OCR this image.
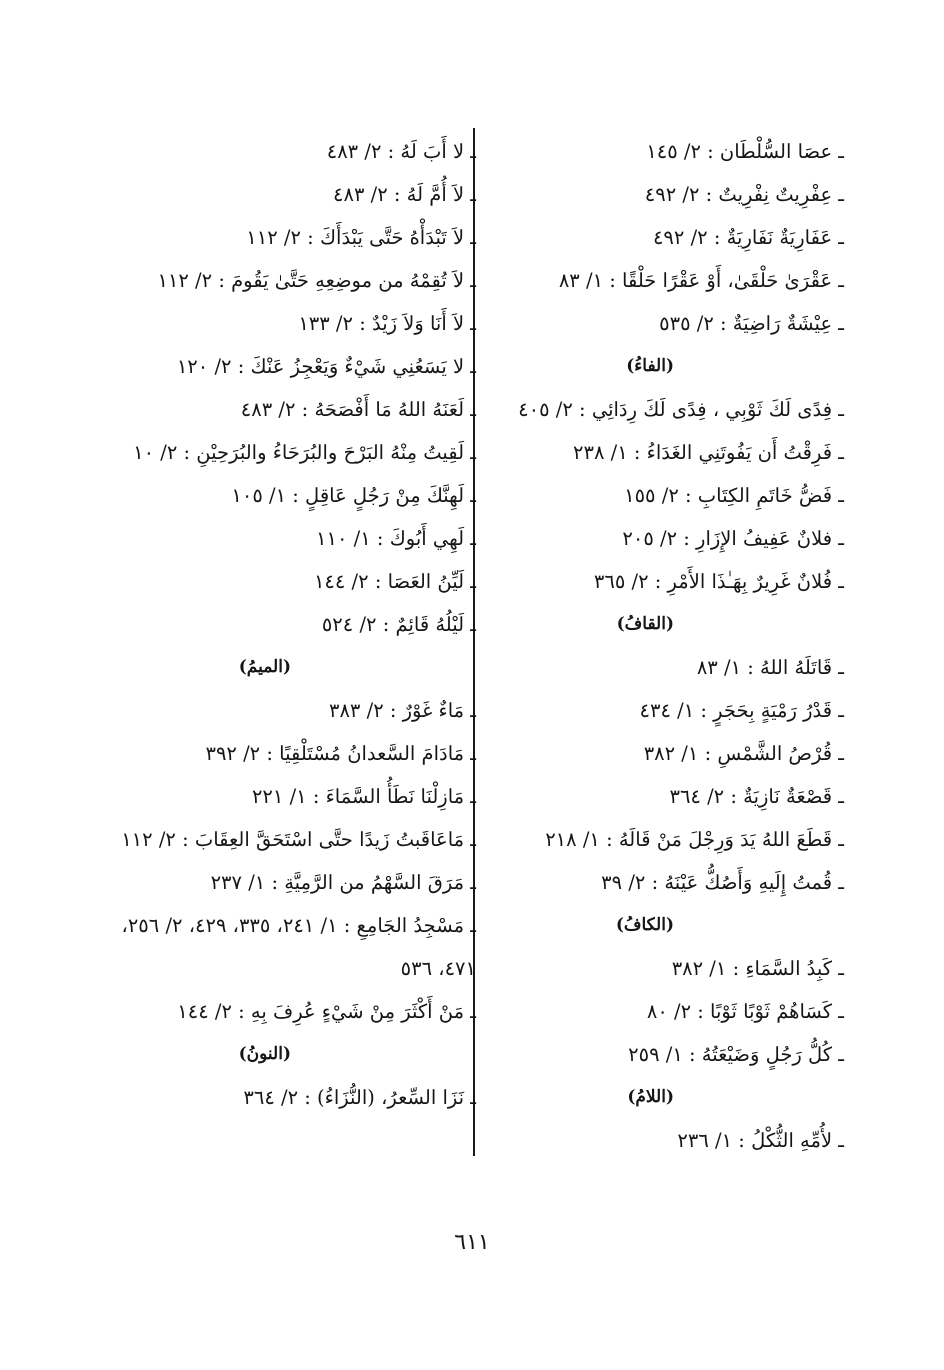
ـ عصَا السُّلْطَان : ٢/ ١٤٥
ـ عِفْرِيتٌ نِفْرِيتٌ : ٢/ ٤٩٢
ـ عَفَارِيَةٌ نَفَارِيَةٌ : ٢/ ٤٩٢
ـ عَقْرَىٰ حَلْقَىٰ، أَوْ عَقْرًا حَلْقًا : ١/ ٨٣
ـ عِيْشَةٌ رَاضِيَةٌ : ٢/ ٥٣٥
(الفاءُ)
ـ فِدًى لَكَ ثَوْبِي ، فِدًى لَكَ رِدَائِي : ٢/ ٤٠٥
ـ فَرِقْتُ أَن يَفُوتَنِي الغَدَاءُ : ١/ ٢٣٨
ـ فَضُّ خَاتَمِ الكِتَابِ : ٢/ ١٥٥
ـ فلانٌ عَفِيفُ الإِزَارِ : ٢/ ٢٠٥
ـ فُلانٌ غَرِيرٌ بِهَـٰذَا الأَمْرِ : ٢/ ٣٦٥
(القافُ)
ـ قَاتَلَهُ اللهُ : ١/ ٨٣
ـ قَدْرُ رَمْيَةٍ بِحَجَرٍ : ١/ ٤٣٤
ـ قُرْصُ الشَّمْسِ : ١/ ٣٨٢
ـ قَصْعَةٌ نَازِيَةٌ : ٢/ ٣٦٤
ـ قَطَعَ اللهُ يَدَ وَرِجْلَ مَنْ قَالَهُ : ١/ ٢١٨
ـ قُمتُ إِلَيهِ وَأَصُكُّ عَيْنَهُ : ٢/ ٣٩
(الكافُ)
ـ كَبِدُ السَّمَاءِ : ١/ ٣٨٢
ـ كَسَاهُمْ ثَوْبًا ثَوْبًا : ٢/ ٨٠
ـ كُلُّ رَجُلٍ وَضَيْعَتُهُ : ١/ ٢٥٩
(اللامُ)
ـ لأُمِّهِ الثُّكْلُ : ١/ ٢٣٦
ـ لا أَبَ لَهُ : ٢/ ٤٨٣
ـ لاَ أُمَّ لَهُ : ٢/ ٤٨٣
ـ لاَ تَبْدَأْهُ حَتَّى يَبْدَأَكَ : ٢/ ١١٢
ـ لاَ تُقِمْهُ من موضِعِهِ حَتَّىٰ يَقُومَ : ٢/ ١١٢
ـ لاَ أَنَا وَلاَ زَيْدٌ : ٢/ ١٣٣
ـ لا يَسَعُنِي شَيْءٌ وَيَعْجِزُ عَنْكَ : ٢/ ١٢٠
ـ لَعَنَهُ اللهُ مَا أَفْصَحَهُ : ٢/ ٤٨٣
ـ لَقِيتُ مِنْهُ البَرْحَ والبُرَحَاءُ والبُرَحِيْنِ : ٢/ ١٠
ـ لَهِنَّكَ مِنْ رَجُلٍ عَاقِلٍ : ١/ ١٠٥
ـ لَهِي أَبُوكَ : ١/ ١١٠
ـ لَيِّنُ العَصَا : ٢/ ١٤٤
ـ لَيْلُهُ قَائِمٌ : ٢/ ٥٢٤
(الميمُ)
ـ مَاءٌ غَوْرٌ : ٢/ ٣٨٣
ـ مَادَامَ السَّعدانُ مُسْتَلْقِيًا : ٢/ ٣٩٢
ـ مَازِلْنَا نَطَأُ السَّمَاءَ : ١/ ٢٢١
ـ مَاعَاقَبتُ زَيدًا حتَّى اسْتَحَقَّ العِقَابَ : ٢/ ١١٢
ـ مَرَقَ السَّهْمُ من الرَّمِيَّةِ : ١/ ٢٣٧
ـ مَسْجِدُ الجَامِعِ : ١/ ٢٤١، ٣٣٥، ٤٢٩، ٢/ ٢٥٦، ٤٧١، ٥٣٦
ـ مَنْ أَكْثَرَ مِنْ شَيْءٍ عُرِفَ بِهِ : ٢/ ١٤٤
(النونُ)
ـ نَزَا السِّعرُ، (النُّزَاءُ) : ٢/ ٣٦٤
٦١١
